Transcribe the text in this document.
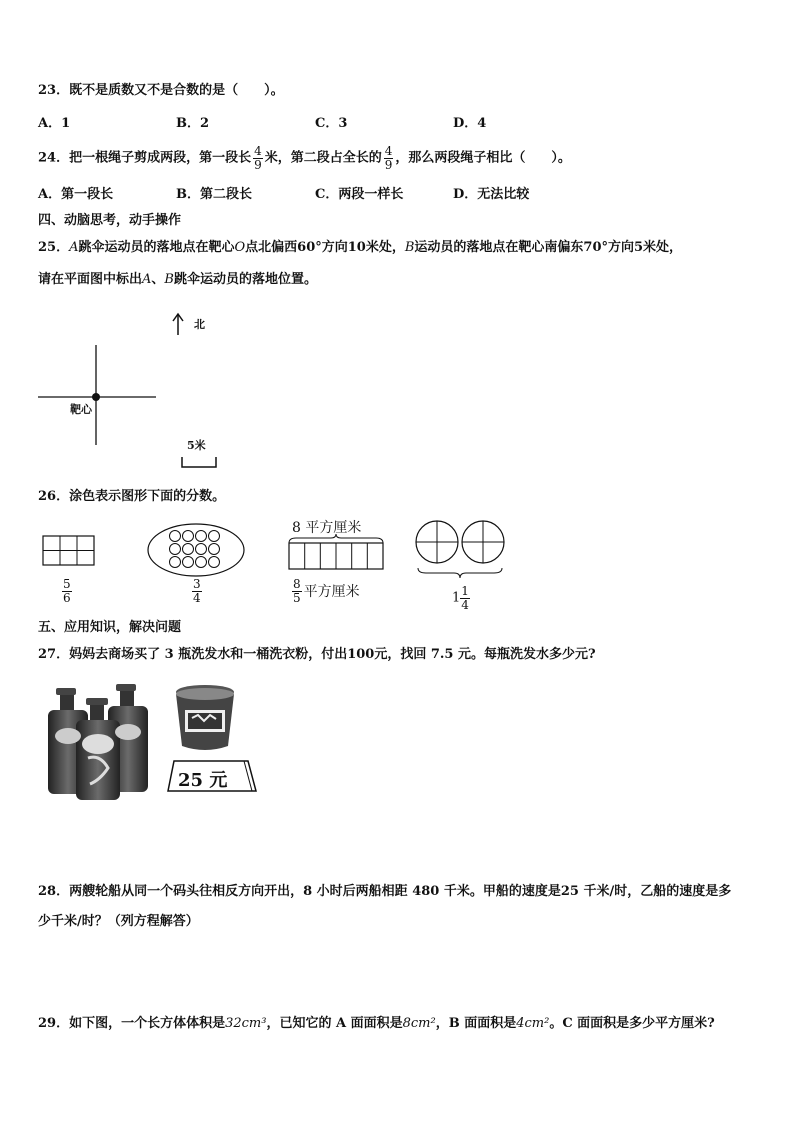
23．既不是质数又不是合数的是（　　）。
A．1	B．2	C．3	D．4
24．把一根绳子剪成两段，第一段长 $\frac{4}{9}$ 米，第二段占全长的 $\frac{4}{9}$ ，那么两段绳子相比（　　）。
A．第一段长	B．第二段长	C．两段一样长	D．无法比较
四、动脑思考，动手操作
25．A跳伞运动员的落地点在靶心O点北偏西60°方向10米处，B运动员的落地点在靶心南偏东70°方向5米处，
请在平面图中标出A、B跳伞运动员的落地位置。
北
靶心
5米
26．涂色表示图形下面的分数。
$\frac{5}{6}$	$\frac{3}{4}$
8 平方厘米
$\frac{8}{5}$ 平方厘米	$1 \frac{1}{4}$
五、应用知识，解决问题
27．妈妈去商场买了 3 瓶洗发水和一桶洗衣粉，付出100元，找回 7.5 元。每瓶洗发水多少元?
25 元
28．两艘轮船从同一个码头往相反方向开出，8 小时后两船相距 480 千米。甲船的速度是25 千米/时，乙船的速度是多
少千米/时？（列方程解答）
29．如下图，一个长方体体积是32cm³，已知它的 A 面面积是8cm²，B 面面积是4cm²。C 面面积是多少平方厘米?
